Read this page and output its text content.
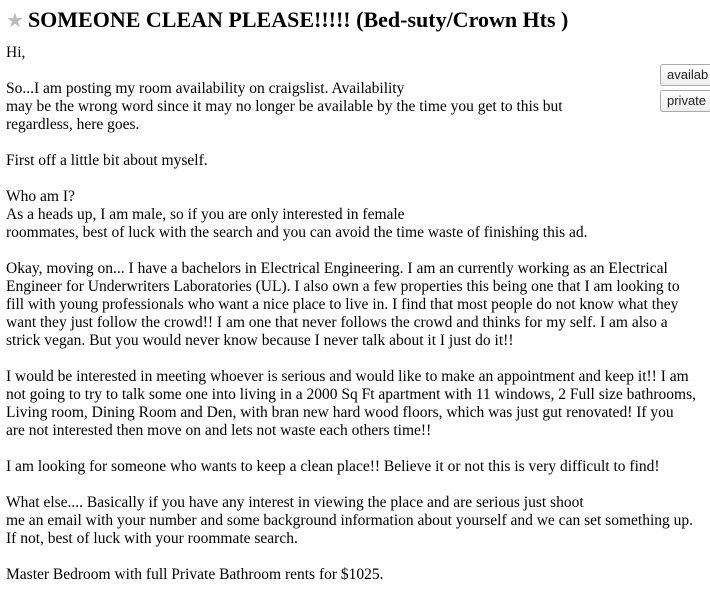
★ SOMEONE CLEAN PLEASE!!!!! (Bed-suty/Crown Hts )
availab
private

Hi,

So...I am posting my room availability on craigslist. Availability
may be the wrong word since it may no longer be available by the time you get to this but
regardless, here goes.

First off a little bit about myself.

Who am I?
As a heads up, I am male, so if you are only interested in female
roommates, best of luck with the search and you can avoid the time waste of finishing this ad.

Okay, moving on... I have a bachelors in Electrical Engineering. I am an currently working as an Electrical
Engineer for Underwriters Laboratories (UL). I also own a few properties this being one that I am looking to
fill with young professionals who want a nice place to live in. I find that most people do not know what they
want they just follow the crowd!! I am one that never follows the crowd and thinks for my self. I am also a
strick vegan. But you would never know because I never talk about it I just do it!!

I would be interested in meeting whoever is serious and would like to make an appointment and keep it!! I am
not going to try to talk some one into living in a 2000 Sq Ft apartment with 11 windows, 2 Full size bathrooms,
Living room, Dining Room and Den, with bran new hard wood floors, which was just gut renovated! If you
are not interested then move on and lets not waste each others time!!

I am looking for someone who wants to keep a clean place!! Believe it or not this is very difficult to find!

What else.... Basically if you have any interest in viewing the place and are serious just shoot
me an email with your number and some background information about yourself and we can set something up.
If not, best of luck with your roommate search.

Master Bedroom with full Private Bathroom rents for $1025.
